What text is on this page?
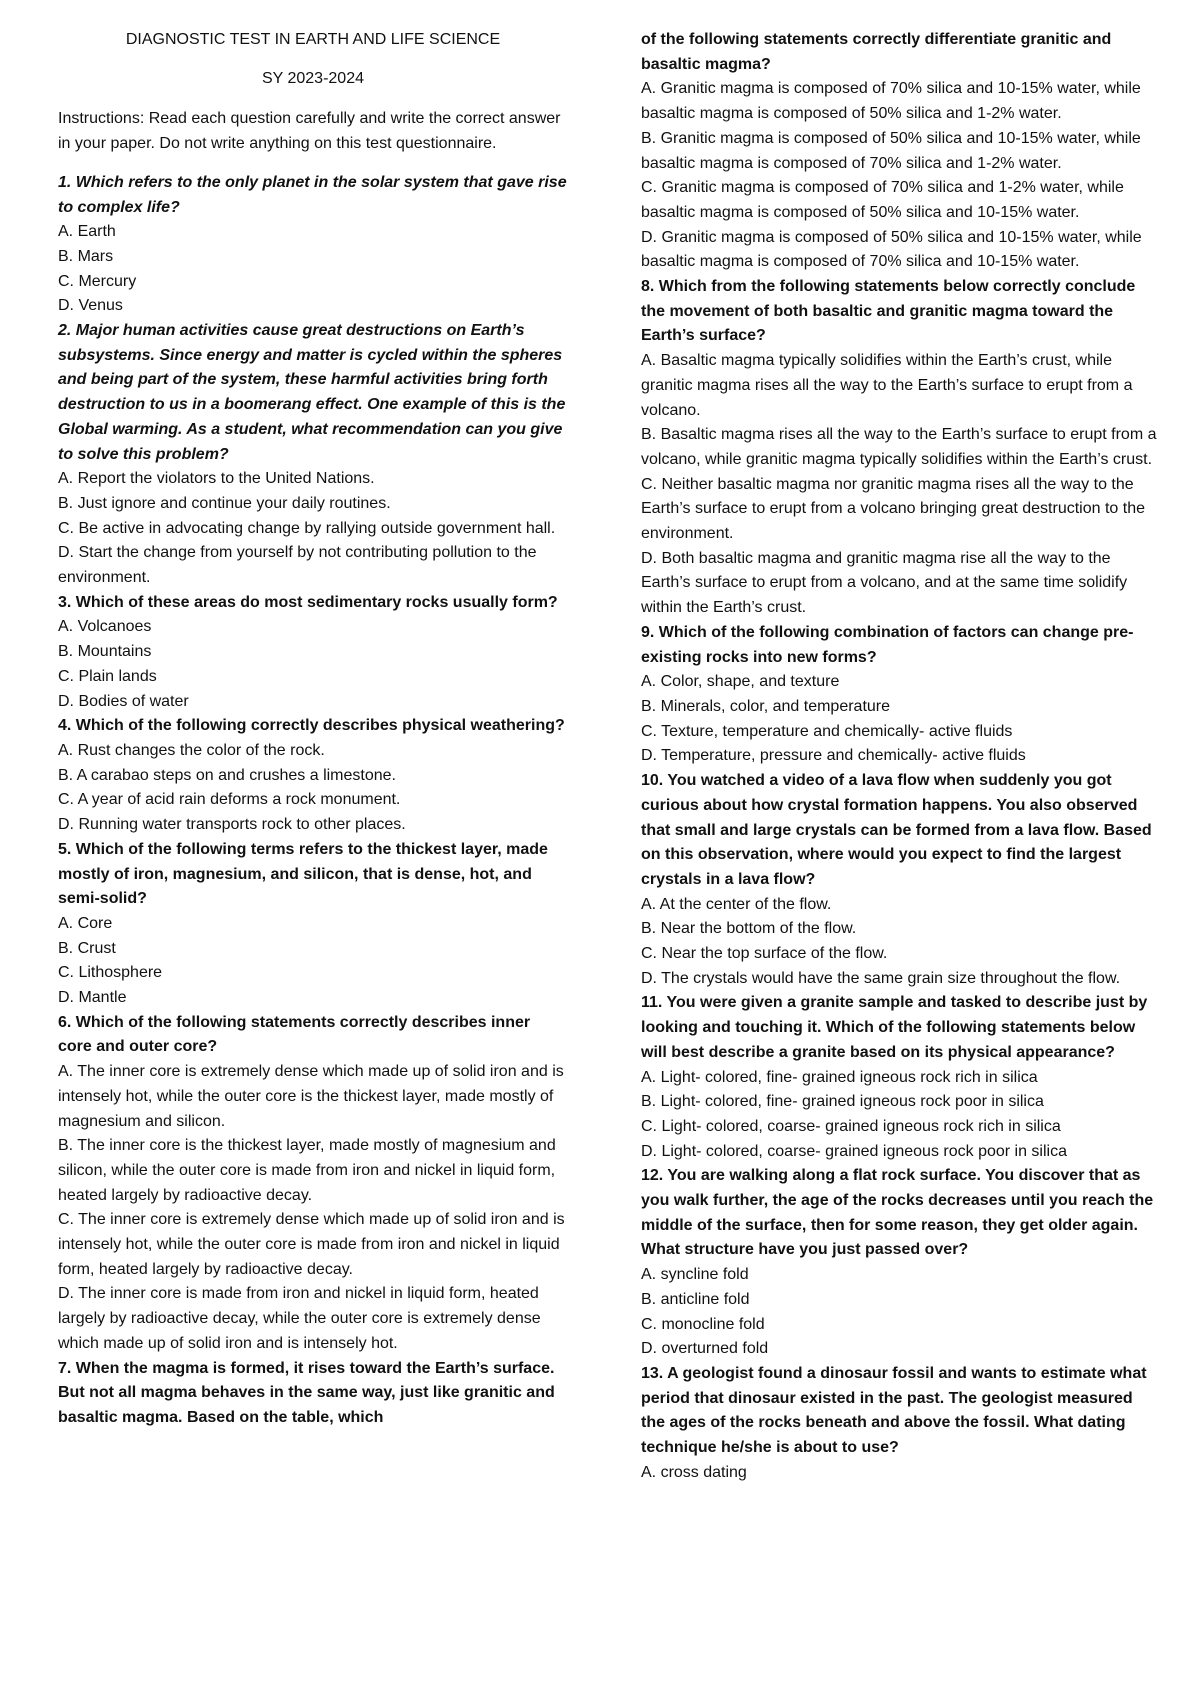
DIAGNOSTIC TEST IN EARTH AND LIFE SCIENCE

SY 2023-2024

Instructions: Read each question carefully and write the correct answer in your paper. Do not write anything on this test questionnaire.

1. Which refers to the only planet in the solar system that gave rise to complex life?

A. Earth

B. Mars

C. Mercury

D. Venus

2. Major human activities cause great destructions on Earth’s subsystems. Since energy and matter is cycled within the spheres and being part of the system, these harmful activities bring forth destruction to us in a boomerang effect. One example of this is the Global warming. As a student, what recommendation can you give to solve this problem?

A. Report the violators to the United Nations.

B. Just ignore and continue your daily routines.

C. Be active in advocating change by rallying outside government hall.

D. Start the change from yourself by not contributing pollution to the

environment.

3. Which of these areas do most sedimentary rocks usually form?

A. Volcanoes

B. Mountains

C. Plain lands

D. Bodies of water

4. Which of the following correctly describes physical weathering?

A. Rust changes the color of the rock.

B. A carabao steps on and crushes a limestone.

C. A year of acid rain deforms a rock monument.

D. Running water transports rock to other places.

5. Which of the following terms refers to the thickest layer, made mostly of iron, magnesium, and silicon, that is dense, hot, and semi-solid?

A. Core

B. Crust

C. Lithosphere

D. Mantle

6. Which of the following statements correctly describes inner core and outer core?

A. The inner core is extremely dense which made up of solid iron and is intensely hot, while the outer core is the thickest layer, made mostly of magnesium and silicon.

B. The inner core is the thickest layer, made mostly of magnesium and silicon, while the outer core is made from iron and nickel in liquid form, heated largely by radioactive decay.

C. The inner core is extremely dense which made up of solid iron and is intensely hot, while the outer core is made from iron and nickel in liquid form, heated largely by radioactive decay.

D. The inner core is made from iron and nickel in liquid form, heated largely by radioactive decay, while the outer core is extremely dense which made up of solid iron and is intensely hot.

7. When the magma is formed, it rises toward the Earth’s surface. But not all magma behaves in the same way, just like granitic and basaltic magma. Based on the table, which

of the following statements correctly differentiate granitic and basaltic magma?

A. Granitic magma is composed of 70% silica and 10-15% water, while basaltic magma is composed of 50% silica and 1-2% water.

B. Granitic magma is composed of 50% silica and 10-15% water, while basaltic magma is composed of 70% silica and 1-2% water.

C. Granitic magma is composed of 70% silica and 1-2% water, while basaltic magma is composed of 50% silica and 10-15% water.

D. Granitic magma is composed of 50% silica and 10-15% water, while basaltic magma is composed of 70% silica and 10-15% water.

8. Which from the following statements below correctly conclude the movement of both basaltic and granitic magma toward the Earth’s surface?

A. Basaltic magma typically solidifies within the Earth’s crust, while granitic magma rises all the way to the Earth’s surface to erupt from a volcano.

B. Basaltic magma rises all the way to the Earth’s surface to erupt from a volcano, while granitic magma typically solidifies within the Earth’s crust.

C. Neither basaltic magma nor granitic magma rises all the way to the Earth’s surface to erupt from a volcano bringing great destruction to the environment.

D. Both basaltic magma and granitic magma rise all the way to the Earth’s surface to erupt from a volcano, and at the same time solidify within the Earth’s crust.

9. Which of the following combination of factors can change pre-existing rocks into new forms?

A. Color, shape, and texture

B. Minerals, color, and temperature

C. Texture, temperature and chemically- active fluids

D. Temperature, pressure and chemically- active fluids

10. You watched a video of a lava flow when suddenly you got curious about how crystal formation happens. You also observed that small and large crystals can be formed from a lava flow. Based on this observation, where would you expect to find the largest crystals in a lava flow?

A. At the center of the flow.

B. Near the bottom of the flow.

C. Near the top surface of the flow.

D. The crystals would have the same grain size throughout the flow.

11. You were given a granite sample and tasked to describe just by looking and touching it. Which of the following statements below will best describe a granite based on its physical appearance?

A. Light- colored, fine- grained igneous rock rich in silica

B. Light- colored, fine- grained igneous rock poor in silica

C. Light- colored, coarse- grained igneous rock rich in silica

D. Light- colored, coarse- grained igneous rock poor in silica

12. You are walking along a flat rock surface. You discover that as you walk further, the age of the rocks decreases until you reach the middle of the surface, then for some reason, they get older again. What structure have you just passed over?

A. syncline fold

B. anticline fold

C. monocline fold

D. overturned fold

13. A geologist found a dinosaur fossil and wants to estimate what period that dinosaur existed in the past. The geologist measured the ages of the rocks beneath and above the fossil. What dating technique he/she is about to use?

A. cross dating
